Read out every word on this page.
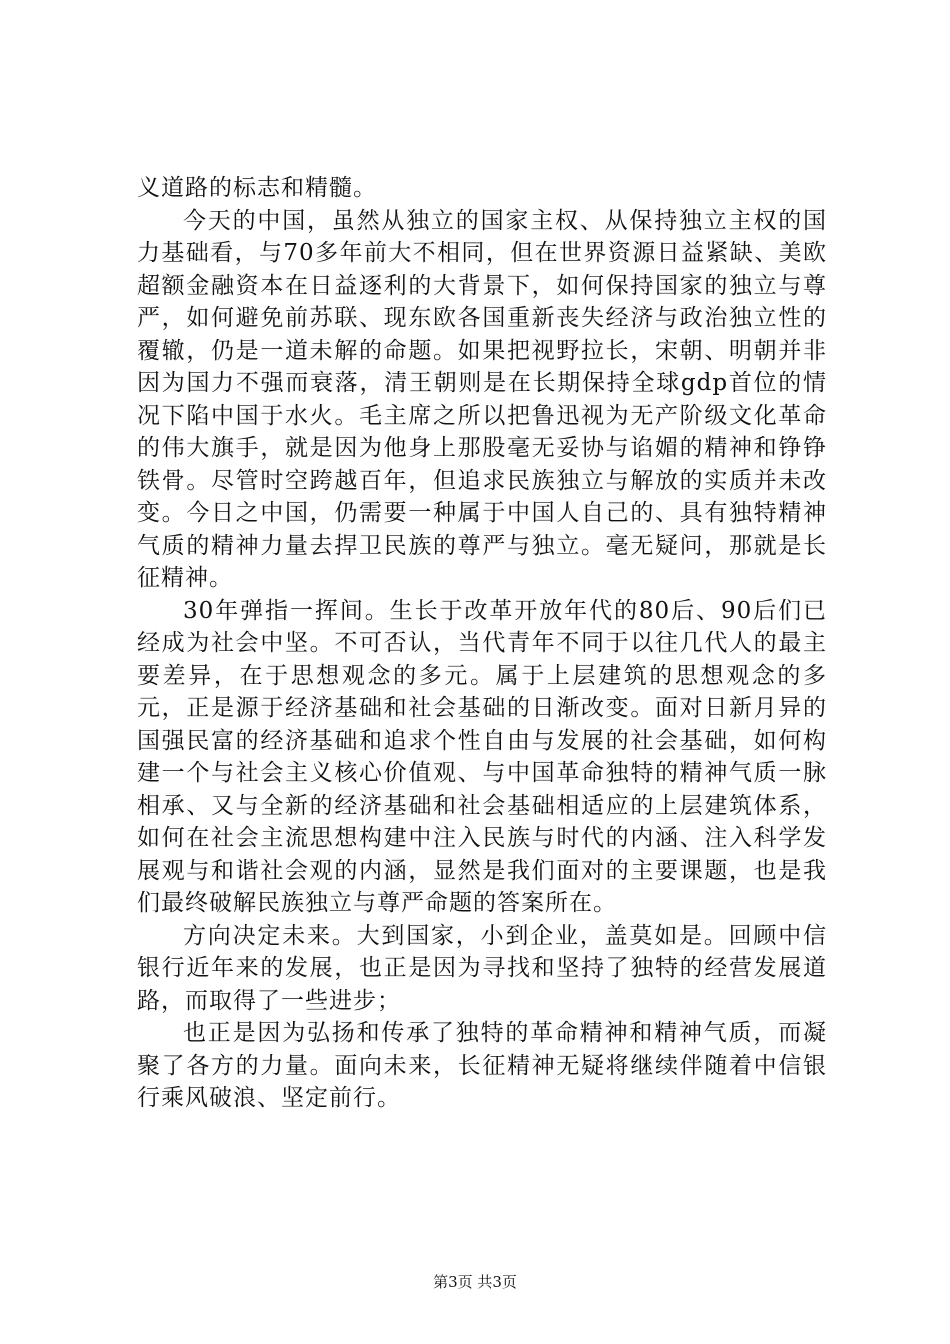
义道路的标志和精髓。

今天的中国，虽然从独立的国家主权、从保持独立主权的国力基础看，与70多年前大不相同，但在世界资源日益紧缺、美欧超额金融资本在日益逐利的大背景下，如何保持国家的独立与尊严，如何避免前苏联、现东欧各国重新丧失经济与政治独立性的覆辙，仍是一道未解的命题。如果把视野拉长，宋朝、明朝并非因为国力不强而衰落，清王朝则是在长期保持全球gdp首位的情况下陷中国于水火。毛主席之所以把鲁迅视为无产阶级文化革命的伟大旗手，就是因为他身上那股毫无妥协与谄媚的精神和铮铮铁骨。尽管时空跨越百年，但追求民族独立与解放的实质并未改变。今日之中国，仍需要一种属于中国人自己的、具有独特精神气质的精神力量去捍卫民族的尊严与独立。毫无疑问，那就是长征精神。

30年弹指一挥间。生长于改革开放年代的80后、90后们已经成为社会中坚。不可否认，当代青年不同于以往几代人的最主要差异，在于思想观念的多元。属于上层建筑的思想观念的多元，正是源于经济基础和社会基础的日渐改变。面对日新月异的国强民富的经济基础和追求个性自由与发展的社会基础，如何构建一个与社会主义核心价值观、与中国革命独特的精神气质一脉相承、又与全新的经济基础和社会基础相适应的上层建筑体系，如何在社会主流思想构建中注入民族与时代的内涵、注入科学发展观与和谐社会观的内涵，显然是我们面对的主要课题，也是我们最终破解民族独立与尊严命题的答案所在。

方向决定未来。大到国家，小到企业，盖莫如是。回顾中信银行近年来的发展，也正是因为寻找和坚持了独特的经营发展道路，而取得了一些进步；

也正是因为弘扬和传承了独特的革命精神和精神气质，而凝聚了各方的力量。面向未来，长征精神无疑将继续伴随着中信银行乘风破浪、坚定前行。

第3页 共3页
